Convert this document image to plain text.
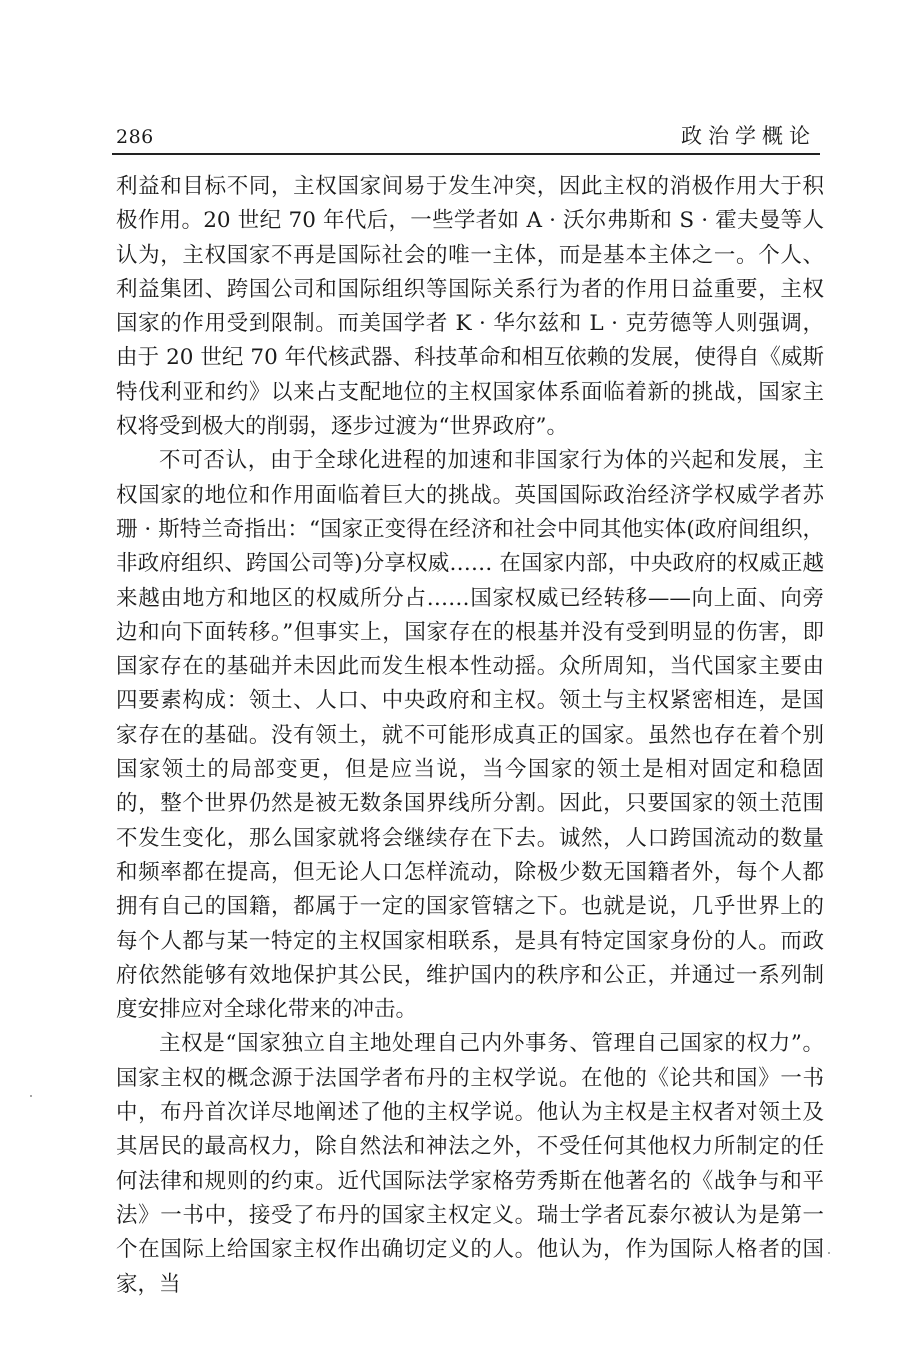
286	政治学概论

利益和目标不同，主权国家间易于发生冲突，因此主权的消极作用大于积极作用。20 世纪 70 年代后，一些学者如 A · 沃尔弗斯和 S · 霍夫曼等人认为，主权国家不再是国际社会的唯一主体，而是基本主体之一。个人、利益集团、跨国公司和国际组织等国际关系行为者的作用日益重要，主权国家的作用受到限制。而美国学者 K · 华尔兹和 L · 克劳德等人则强调，由于 20 世纪 70 年代核武器、科技革命和相互依赖的发展，使得自《威斯特伐利亚和约》以来占支配地位的主权国家体系面临着新的挑战，国家主权将受到极大的削弱，逐步过渡为“世界政府”。

不可否认，由于全球化进程的加速和非国家行为体的兴起和发展，主权国家的地位和作用面临着巨大的挑战。英国国际政治经济学权威学者苏珊 · 斯特兰奇指出：“国家正变得在经济和社会中同其他实体(政府间组织，非政府组织、跨国公司等)分享权威…… 在国家内部，中央政府的权威正越来越由地方和地区的权威所分占……国家权威已经转移——向上面、向旁边和向下面转移。”但事实上，国家存在的根基并没有受到明显的伤害，即国家存在的基础并未因此而发生根本性动摇。众所周知，当代国家主要由四要素构成：领土、人口、中央政府和主权。领土与主权紧密相连，是国家存在的基础。没有领土，就不可能形成真正的国家。虽然也存在着个别国家领土的局部变更，但是应当说，当今国家的领土是相对固定和稳固的，整个世界仍然是被无数条国界线所分割。因此，只要国家的领土范围不发生变化，那么国家就将会继续存在下去。诚然，人口跨国流动的数量和频率都在提高，但无论人口怎样流动，除极少数无国籍者外，每个人都拥有自己的国籍，都属于一定的国家管辖之下。也就是说，几乎世界上的每个人都与某一特定的主权国家相联系，是具有特定国家身份的人。而政府依然能够有效地保护其公民，维护国内的秩序和公正，并通过一系列制度安排应对全球化带来的冲击。

主权是“国家独立自主地处理自己内外事务、管理自己国家的权力”。国家主权的概念源于法国学者布丹的主权学说。在他的《论共和国》一书中，布丹首次详尽地阐述了他的主权学说。他认为主权是主权者对领土及其居民的最高权力，除自然法和神法之外，不受任何其他权力所制定的任何法律和规则的约束。近代国际法学家格劳秀斯在他著名的《战争与和平法》一书中，接受了布丹的国家主权定义。瑞士学者瓦泰尔被认为是第一个在国际上给国家主权作出确切定义的人。他认为，作为国际人格者的国家，当
